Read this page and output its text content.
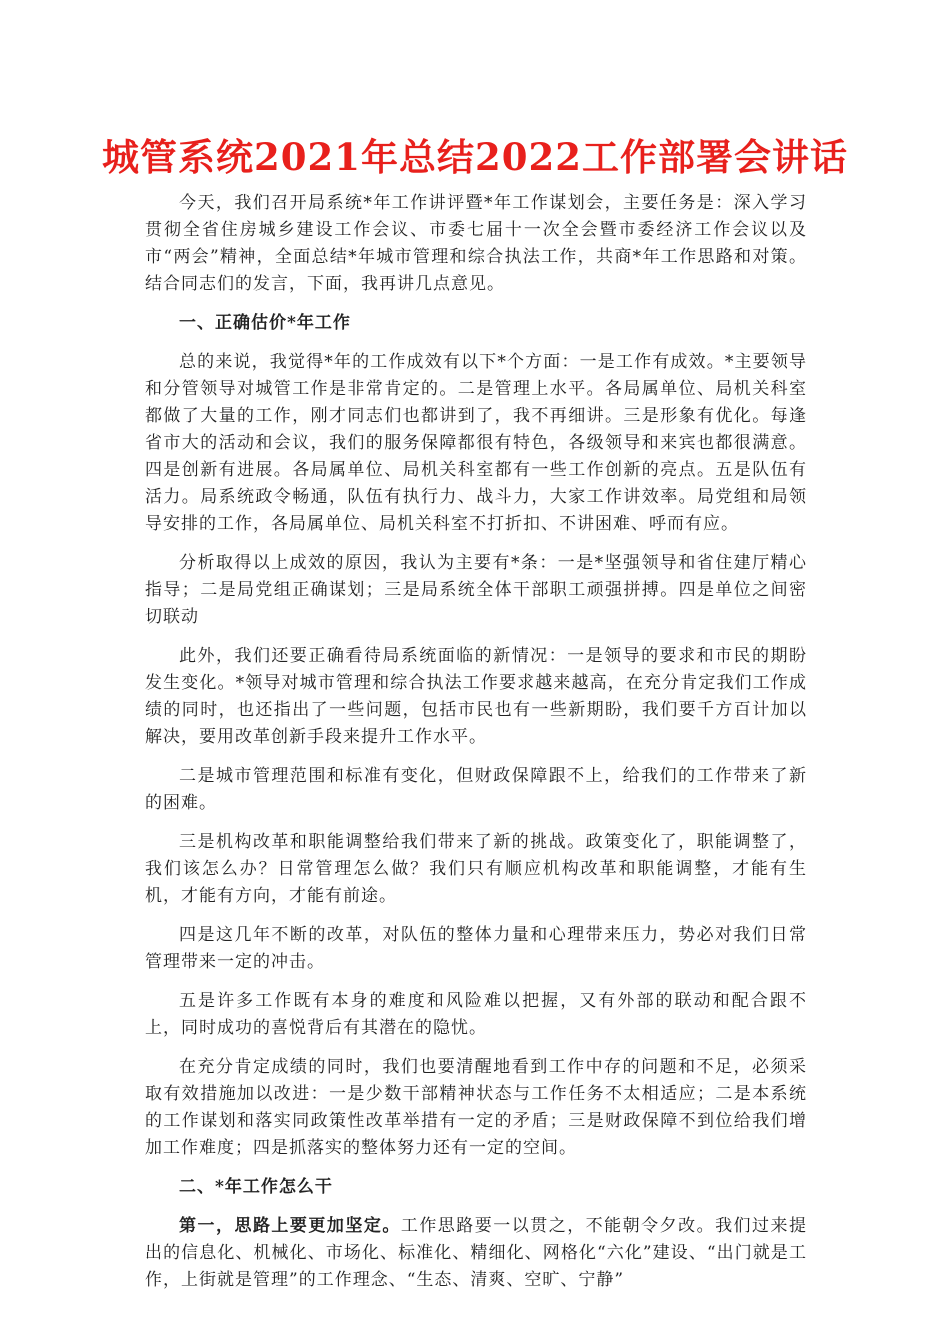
城管系统2021年总结2022工作部署会讲话

今天，我们召开局系统*年工作讲评暨*年工作谋划会，主要任务是：深入学习贯彻全省住房城乡建设工作会议、市委七届十一次全会暨市委经济工作会议以及市“两会”精神，全面总结*年城市管理和综合执法工作，共商*年工作思路和对策。结合同志们的发言，下面，我再讲几点意见。

一、正确估价*年工作

总的来说，我觉得*年的工作成效有以下*个方面：一是工作有成效。*主要领导和分管领导对城管工作是非常肯定的。二是管理上水平。各局属单位、局机关科室都做了大量的工作，刚才同志们也都讲到了，我不再细讲。三是形象有优化。每逢省市大的活动和会议，我们的服务保障都很有特色，各级领导和来宾也都很满意。四是创新有进展。各局属单位、局机关科室都有一些工作创新的亮点。五是队伍有活力。局系统政令畅通，队伍有执行力、战斗力，大家工作讲效率。局党组和局领导安排的工作，各局属单位、局机关科室不打折扣、不讲困难、呼而有应。

分析取得以上成效的原因，我认为主要有*条：一是*坚强领导和省住建厅精心指导；二是局党组正确谋划；三是局系统全体干部职工顽强拼搏。四是单位之间密切联动

此外，我们还要正确看待局系统面临的新情况：一是领导的要求和市民的期盼发生变化。*领导对城市管理和综合执法工作要求越来越高，在充分肯定我们工作成绩的同时，也还指出了一些问题，包括市民也有一些新期盼，我们要千方百计加以解决，要用改革创新手段来提升工作水平。

二是城市管理范围和标准有变化，但财政保障跟不上，给我们的工作带来了新的困难。

三是机构改革和职能调整给我们带来了新的挑战。政策变化了，职能调整了，我们该怎么办？日常管理怎么做？我们只有顺应机构改革和职能调整，才能有生机，才能有方向，才能有前途。

四是这几年不断的改革，对队伍的整体力量和心理带来压力，势必对我们日常管理带来一定的冲击。

五是许多工作既有本身的难度和风险难以把握，又有外部的联动和配合跟不上，同时成功的喜悦背后有其潜在的隐忧。

在充分肯定成绩的同时，我们也要清醒地看到工作中存的问题和不足，必须采取有效措施加以改进：一是少数干部精神状态与工作任务不太相适应；二是本系统的工作谋划和落实同政策性改革举措有一定的矛盾；三是财政保障不到位给我们增加工作难度；四是抓落实的整体努力还有一定的空间。

二、*年工作怎么干

第一，思路上要更加坚定。工作思路要一以贯之，不能朝令夕改。我们过来提出的信息化、机械化、市场化、标准化、精细化、网格化“六化”建设、“出门就是工作，上街就是管理”的工作理念、“生态、清爽、空旷、宁静”
